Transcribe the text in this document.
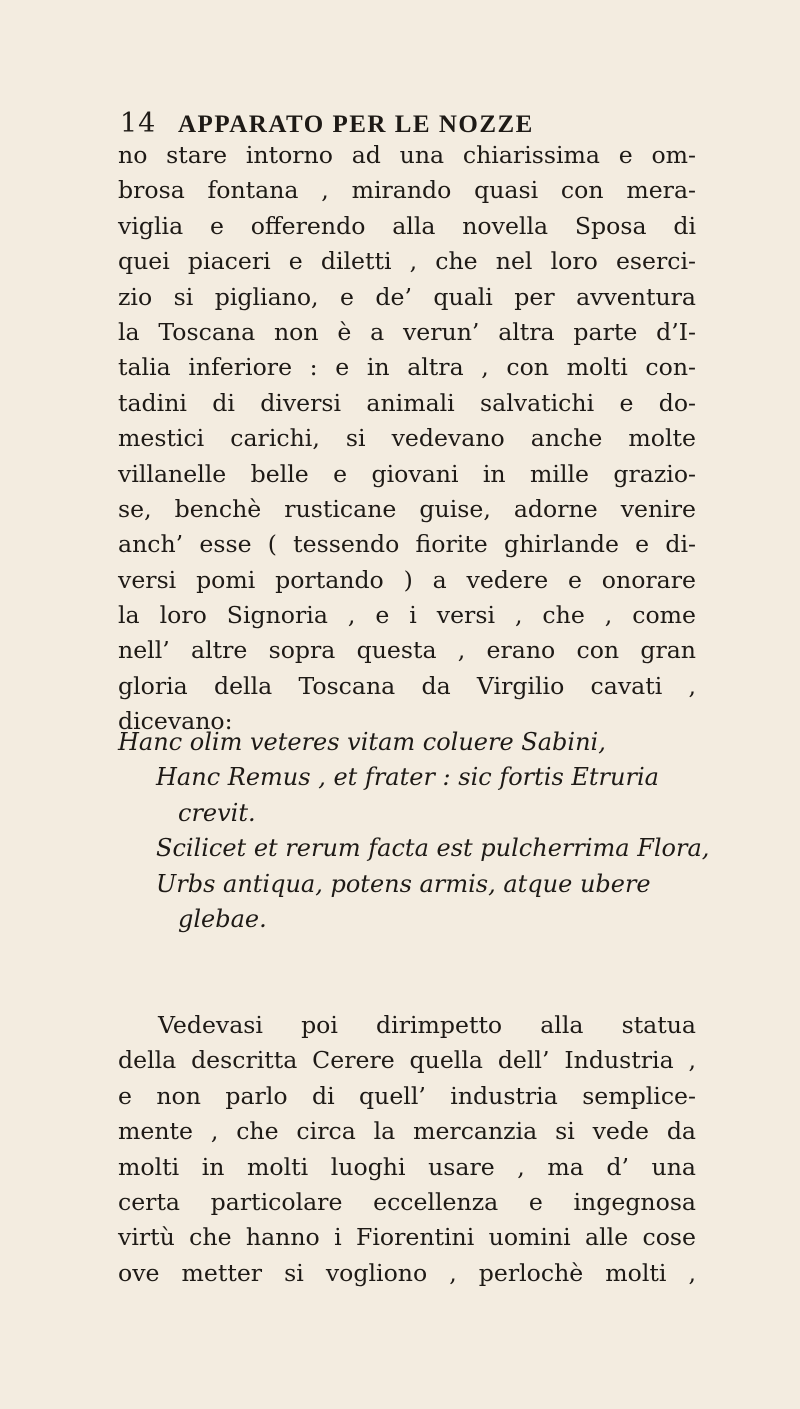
14 APPARATO PER LE NOZZE

no stare intorno ad una chiarissima e om-
brosa fontana , mirando quasi con mera-
viglia e offerendo alla novella Sposa di
quei piaceri e diletti , che nel loro eserci-
zio si pigliano, e de’ quali per avventura
la Toscana non è a verun’ altra parte d’I-
talia inferiore : e in altra , con molti con-
tadini di diversi animali salvatichi e do-
mestici carichi, si vedevano anche molte
villanelle belle e giovani in mille grazio-
se, benchè rusticane guise, adorne venire
anch’ esse ( tessendo fiorite ghirlande e di-
versi pomi portando ) a vedere e onorare
la loro Signoria , e i versi , che , come
nell’ altre sopra questa , erano con gran
gloria della Toscana da Virgilio cavati ,
dicevano:

Hanc olim veteres vitam coluere Sabini,
Hanc Remus , et frater : sic fortis Etruria
crevit.
Scilicet et rerum facta est pulcherrima Flora,
Urbs antiqua, potens armis, atque ubere
glebae.

Vedevasi poi dirimpetto alla statua
della descritta Cerere quella dell’ Industria ,
e non parlo di quell’ industria semplice-
mente , che circa la mercanzia si vede da
molti in molti luoghi usare , ma d’ una
certa particolare eccellenza e ingegnosa
virtù che hanno i Fiorentini uomini alle cose
ove metter si vogliono , perlochè molti ,
